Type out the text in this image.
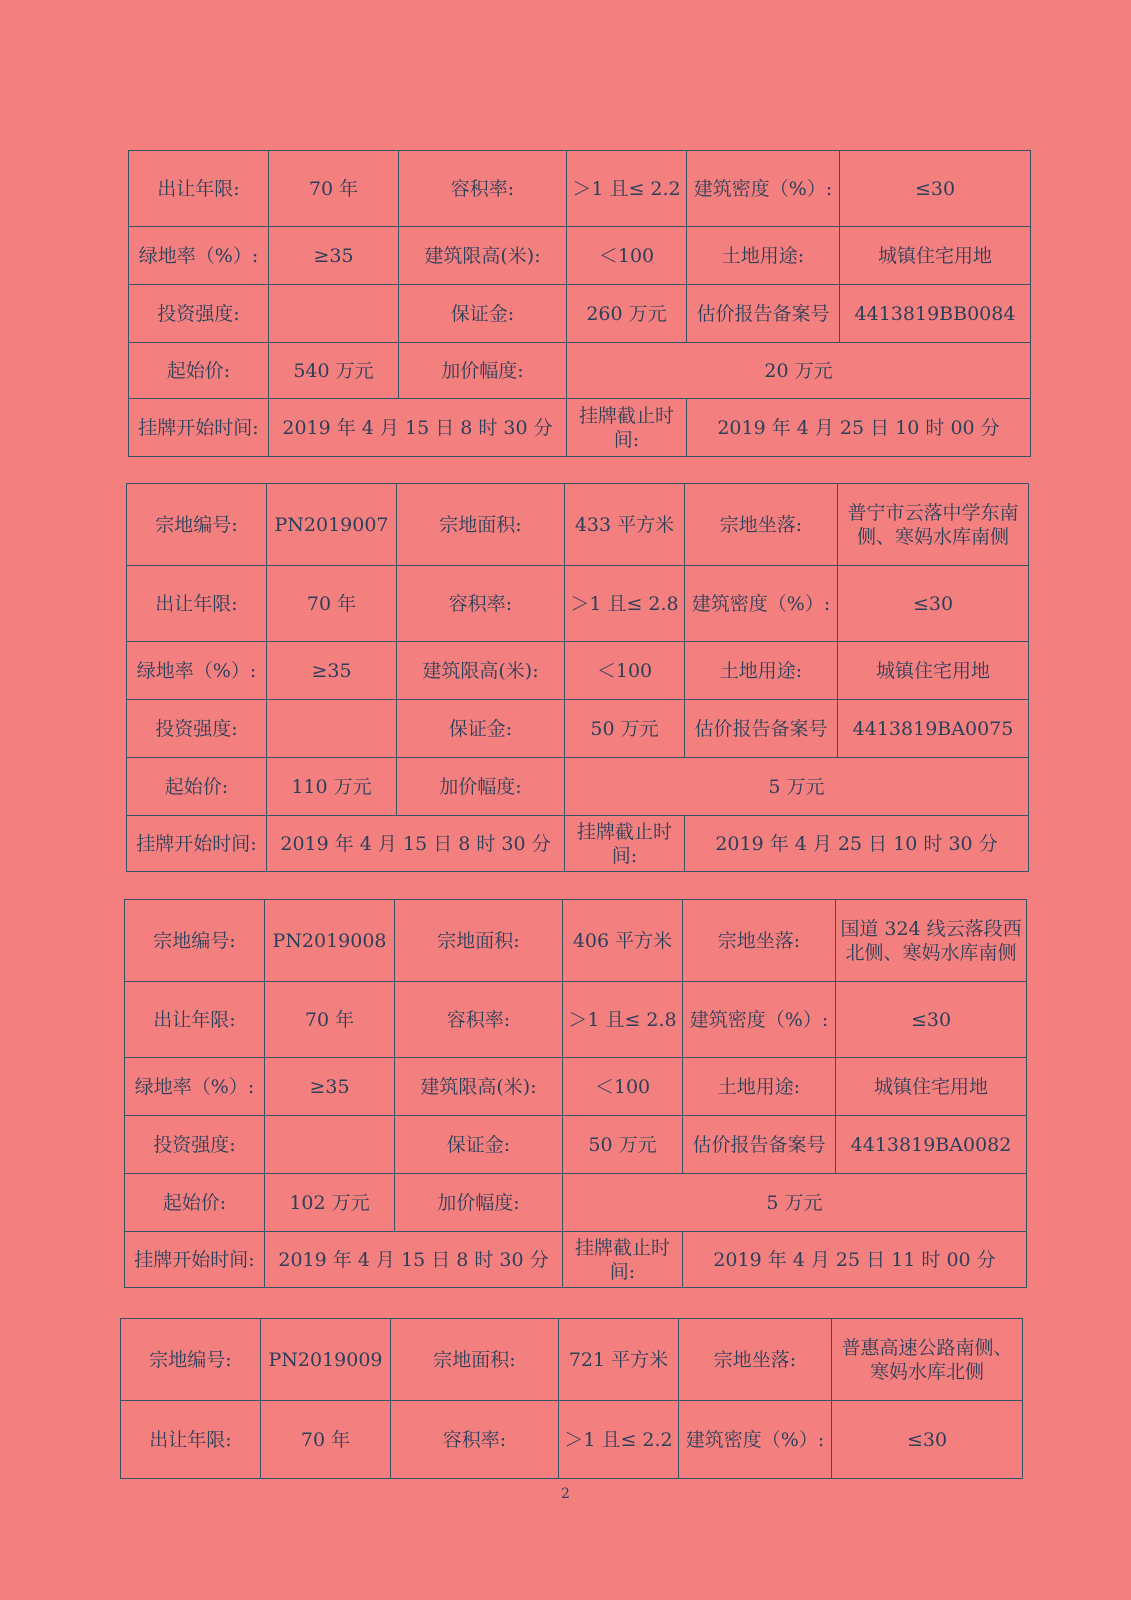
出让年限:	70 年	容积率:	＞1 且≤ 2.2	建筑密度（%）:	≤30
绿地率（%）:	≥35	建筑限高(米):	＜100	土地用途:	城镇住宅用地
投资强度:		保证金:	260 万元	估价报告备案号	4413819BB0084
起始价:	540 万元	加价幅度:	20 万元		
挂牌开始时间:	2019 年 4 月 15 日 8 时 30 分		挂牌截止时间:	2019 年 4 月 25 日 10 时 00 分	
宗地编号:	PN2019007	宗地面积:	433 平方米	宗地坐落:	普宁市云落中学东南侧、寒妈水库南侧
出让年限:	70 年	容积率:	＞1 且≤ 2.8	建筑密度（%）:	≤30
绿地率（%）:	≥35	建筑限高(米):	＜100	土地用途:	城镇住宅用地
投资强度:		保证金:	50 万元	估价报告备案号	4413819BA0075
起始价:	110 万元	加价幅度:	5 万元		
挂牌开始时间:	2019 年 4 月 15 日 8 时 30 分		挂牌截止时间:	2019 年 4 月 25 日 10 时 30 分	
宗地编号:	PN2019008	宗地面积:	406 平方米	宗地坐落:	国道 324 线云落段西北侧、寒妈水库南侧
出让年限:	70 年	容积率:	＞1 且≤ 2.8	建筑密度（%）:	≤30
绿地率（%）:	≥35	建筑限高(米):	＜100	土地用途:	城镇住宅用地
投资强度:		保证金:	50 万元	估价报告备案号	4413819BA0082
起始价:	102 万元	加价幅度:	5 万元		
挂牌开始时间:	2019 年 4 月 15 日 8 时 30 分		挂牌截止时间:	2019 年 4 月 25 日 11 时 00 分	
宗地编号:	PN2019009	宗地面积:	721 平方米	宗地坐落:	普惠高速公路南侧、寒妈水库北侧
出让年限:	70 年	容积率:	＞1 且≤ 2.2	建筑密度（%）:	≤30
2
